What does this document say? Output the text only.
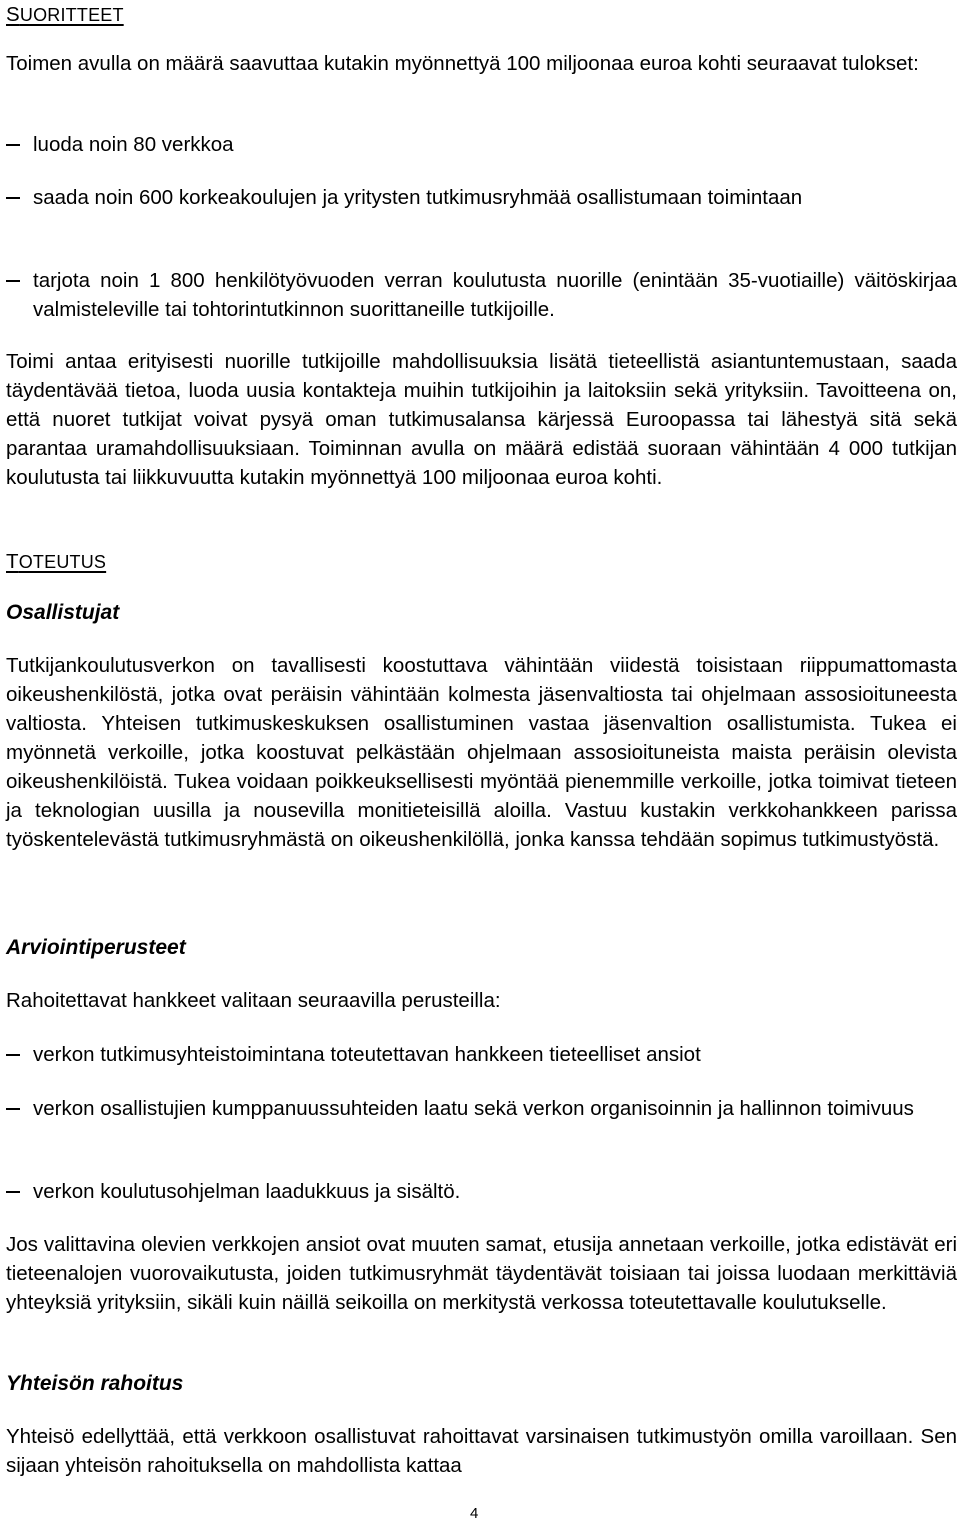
SUORITTEET

Toimen avulla on määrä saavuttaa kutakin myönnettyä 100 miljoonaa euroa kohti seuraavat tulokset:

luoda noin 80 verkkoa

saada noin 600 korkeakoulujen ja yritysten tutkimusryhmää osallistumaan toimintaan

tarjota noin 1 800 henkilötyövuoden verran koulutusta nuorille (enintään 35-vuotiaille) väitöskirjaa valmisteleville tai tohtorintutkinnon suorittaneille tutkijoille.

Toimi antaa erityisesti nuorille tutkijoille mahdollisuuksia lisätä tieteellistä asiantuntemustaan, saada täydentävää tietoa, luoda uusia kontakteja muihin tutkijoihin ja laitoksiin sekä yrityksiin. Tavoitteena on, että nuoret tutkijat voivat pysyä oman tutkimusalansa kärjessä Euroopassa tai lähestyä sitä sekä parantaa uramahdollisuuksiaan. Toiminnan avulla on määrä edistää suoraan vähintään 4 000 tutkijan koulutusta tai liikkuvuutta kutakin myönnettyä 100 miljoonaa euroa kohti.

TOTEUTUS
Osallistujat

Tutkijankoulutusverkon on tavallisesti koostuttava vähintään viidestä toisistaan riippumattomasta oikeushenkilöstä, jotka ovat peräisin vähintään kolmesta jäsenvaltiosta tai ohjelmaan assosioituneesta valtiosta. Yhteisen tutkimuskeskuksen osallistuminen vastaa jäsenvaltion osallistumista. Tukea ei myönnetä verkoille, jotka koostuvat pelkästään ohjelmaan assosioituneista maista peräisin olevista oikeushenkilöistä. Tukea voidaan poikkeuksellisesti myöntää pienemmille verkoille, jotka toimivat tieteen ja teknologian uusilla ja nousevilla monitieteisillä aloilla. Vastuu kustakin verkkohankkeen parissa työskentelevästä tutkimusryhmästä on oikeushenkilöllä, jonka kanssa tehdään sopimus tutkimustyöstä.

Arviointiperusteet

Rahoitettavat hankkeet valitaan seuraavilla perusteilla:

verkon tutkimusyhteistoimintana toteutettavan hankkeen tieteelliset ansiot

verkon osallistujien kumppanuussuhteiden laatu sekä verkon organisoinnin ja hallinnon toimivuus

verkon koulutusohjelman laadukkuus ja sisältö.

Jos valittavina olevien verkkojen ansiot ovat muuten samat, etusija annetaan verkoille, jotka edistävät eri tieteenalojen vuorovaikutusta, joiden tutkimusryhmät täydentävät toisiaan tai joissa luodaan merkittäviä yhteyksiä yrityksiin, sikäli kuin näillä seikoilla on merkitystä verkossa toteutettavalle koulutukselle.

Yhteisön rahoitus

Yhteisö edellyttää, että verkkoon osallistuvat rahoittavat varsinaisen tutkimustyön omilla varoillaan. Sen sijaan yhteisön rahoituksella on mahdollista kattaa

4
